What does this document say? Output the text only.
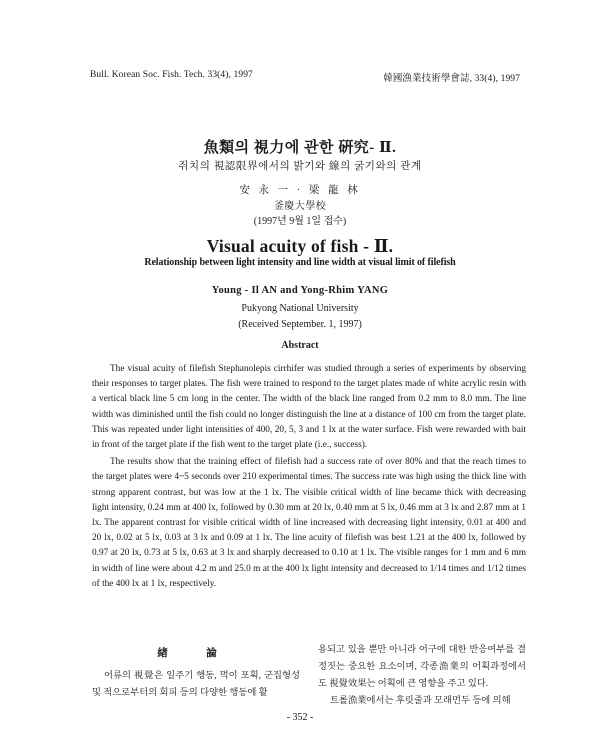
Bull. Korean Soc. Fish. Tech. 33(4), 1997	韓國漁業技術學會誌, 33(4), 1997
魚類의 視力에 관한 硏究- Ⅱ.
쥐치의 視認限界에서의 밝기와 線의 굵기와의 관계
安 永 一 · 梁 龍 林
釜慶大學校
(1997년 9월 1일 접수)
Visual acuity of fish - Ⅱ.
Relationship between light intensity and line width at visual limit of filefish
Young - Il AN and Yong-Rhim YANG
Pukyong National University
(Received September. 1, 1997)
Abstract

The visual acuity of filefish Stephanolepis cirrhifer was studied through a series of experiments by observing their responses to target plates. The fish were trained to respond to the target plates made of white acrylic resin with a vertical black line 5 cm long in the center. The width of the black line ranged from 0.2 mm to 8.0 mm. The line width was diminished until the fish could no longer distinguish the line at a distance of 100 cm from the target plate. This was repeated under light intensities of 400, 20, 5, 3 and 1 lx at the water surface. Fish were rewarded with bait in front of the target plate if the fish went to the target plate (i.e., success).

The results show that the training effect of filefish had a success rate of over 80% and that the reach times to the target plates were 4~5 seconds over 210 experimental times. The success rate was high using the thick line with strong apparent contrast, but was low at the 1 lx. The visible critical width of line became thick with decreasing light intensity, 0.24 mm at 400 lx, followed by 0.30 mm at 20 lx, 0.40 mm at 5 lx, 0.46 mm at 3 lx and 2.87 mm at 1 lx. The apparent contrast for visible critical width of line increased with decreasing light intensity, 0.01 at 400 and 20 lx, 0.02 at 5 lx, 0.03 at 3 lx and 0.09 at 1 lx. The line acuity of filefish was best 1.21 at the 400 lx, followed by 0.97 at 20 lx, 0.73 at 5 lx, 0.63 at 3 lx and sharply decreased to 0.10 at 1 lx. The visible ranges for 1 mm and 6 mm in width of line were about 4.2 m and 25.0 m at the 400 lx light intensity and decreased to 1/14 times and 1/12 times of the 400 lx at 1 lx, respectively.

緖 論

어류의 視覺은 일주기 행동, 먹이 포획, 군집형성 및 적으로부터의 회피 등의 다양한 행동에 활

용되고 있을 뿐만 아니라 어구에 대한 반응여부를 결정짓는 중요한 요소이며, 각종漁業의 어획과정에서도 視覺效果는 어획에 큰 영향을 주고 있다.

트롤漁業에서는 후릿줄과 모래먼두 등에 의해

- 352 -
